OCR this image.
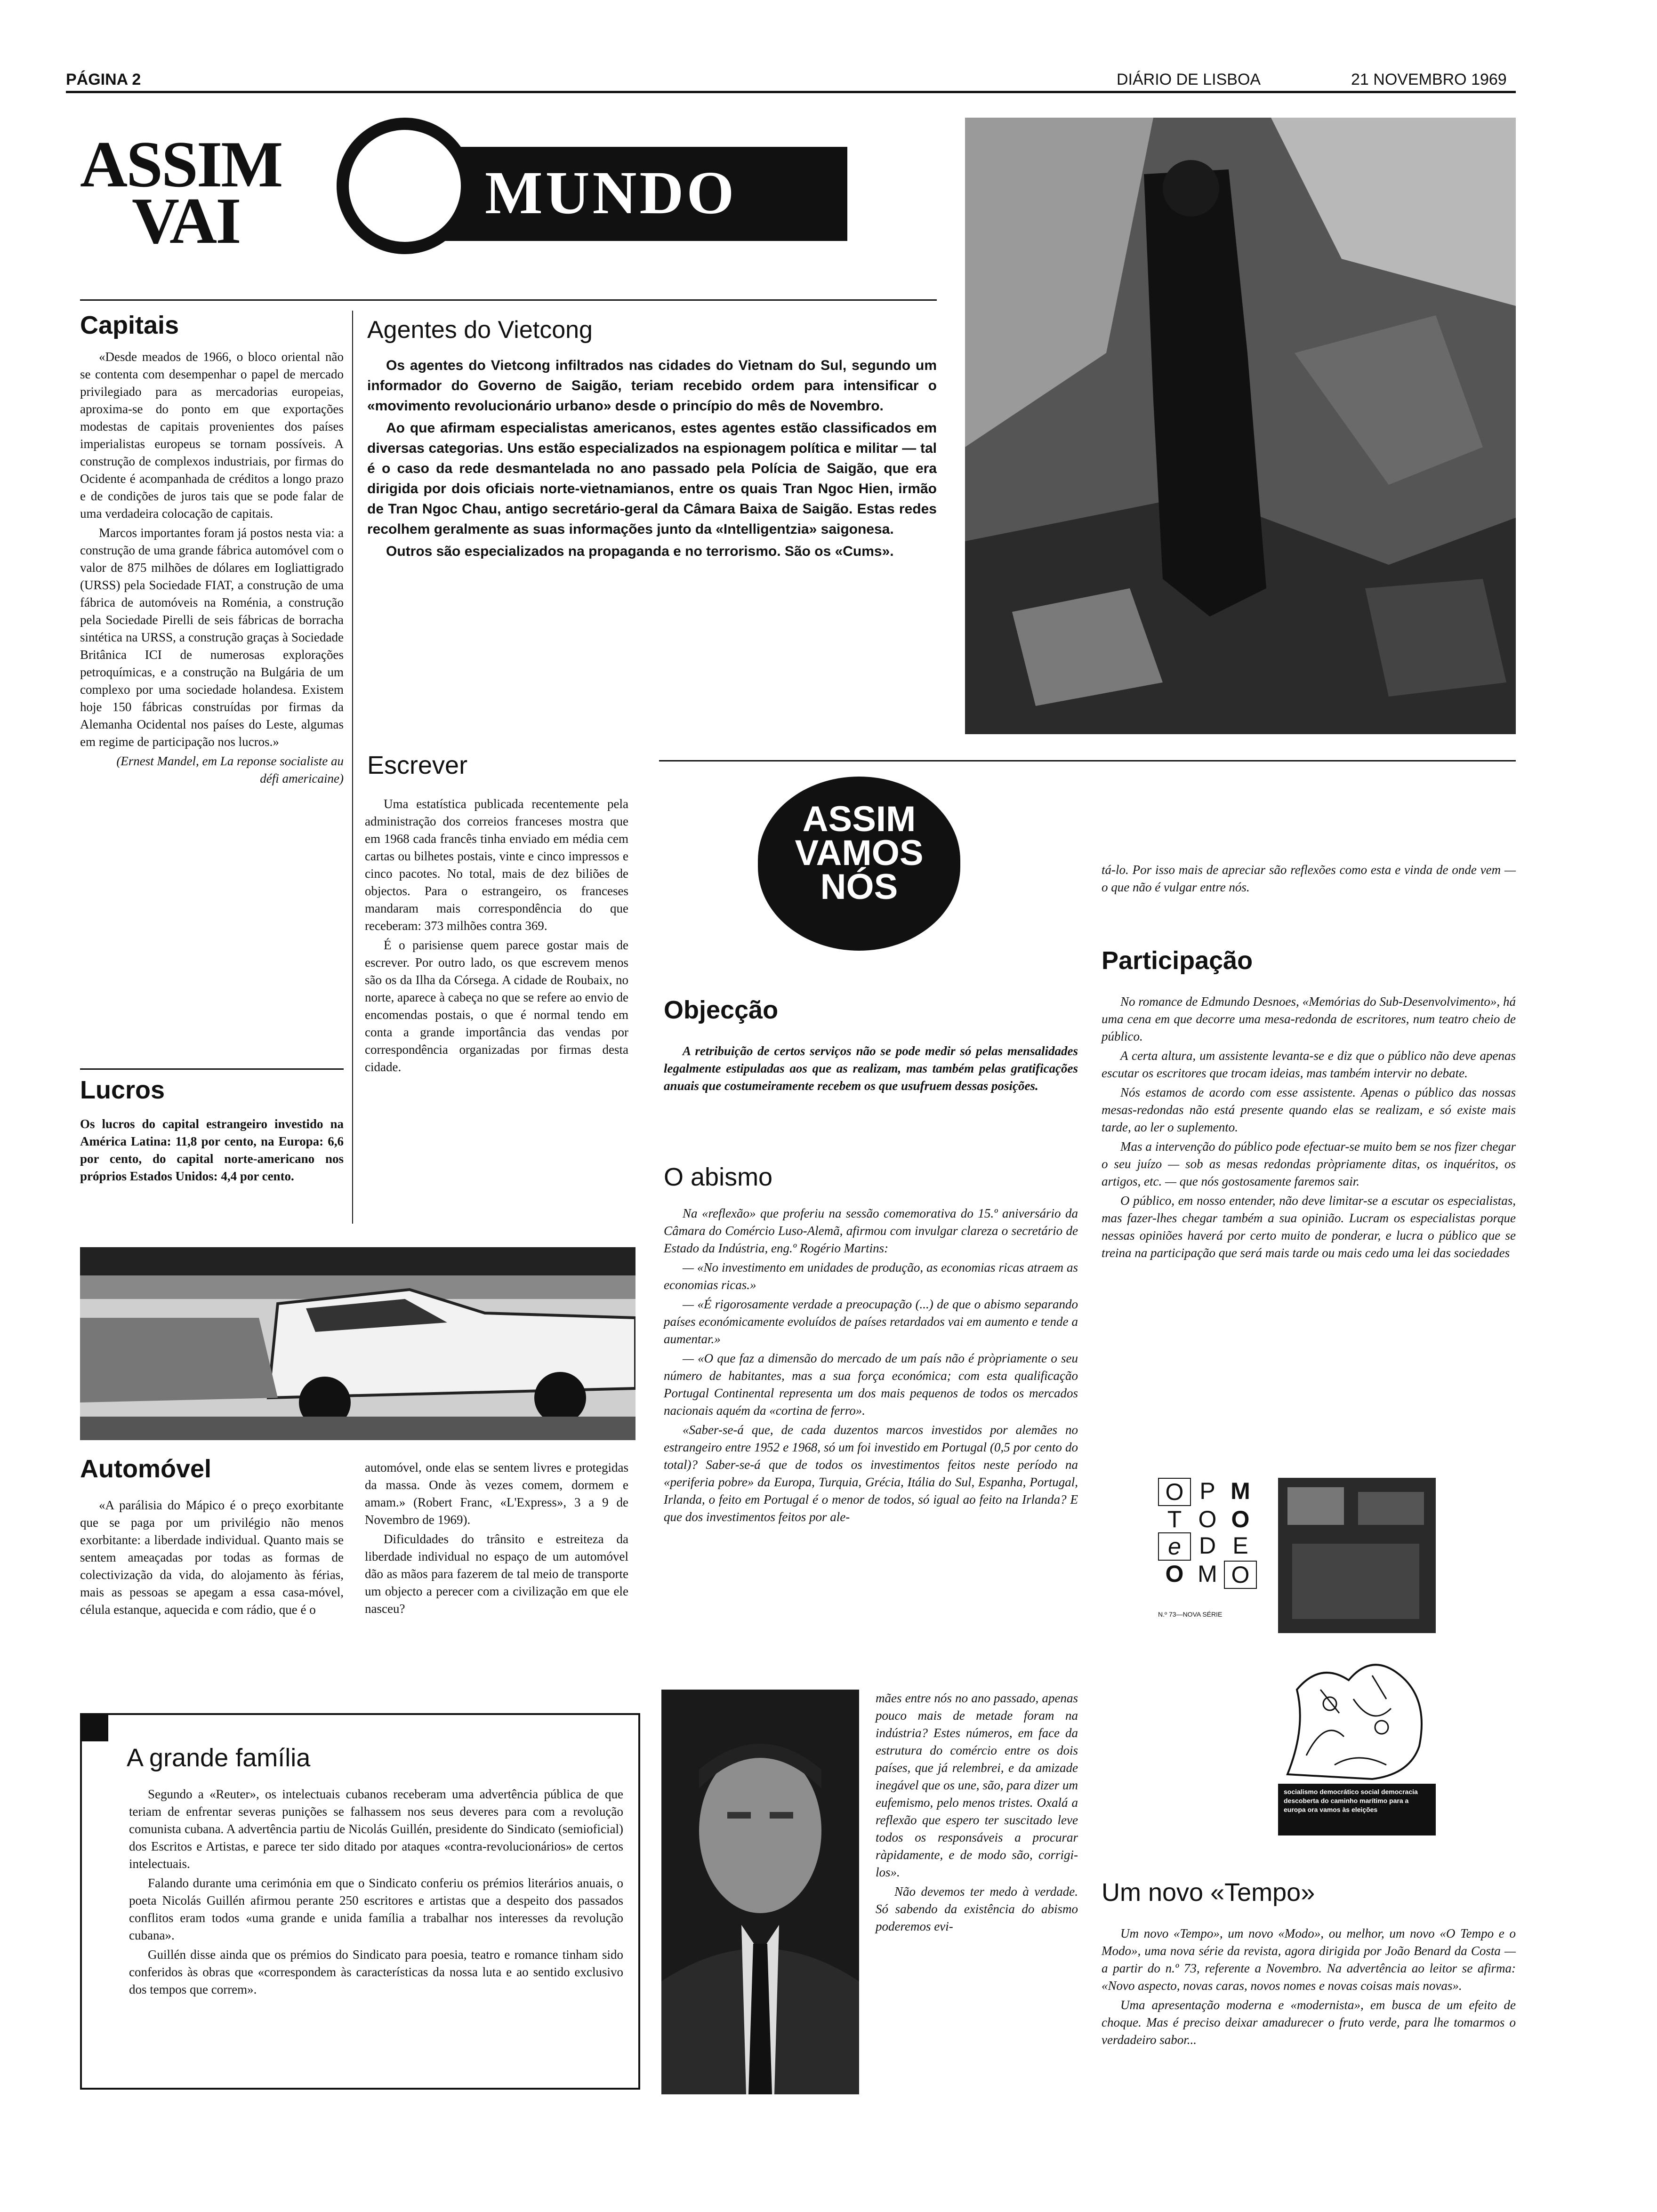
PÁGINA 2	DIÁRIO DE LISBOA	21 NOVEMBRO 1969
ASSIM
VAI	MUNDO
Capitais

«Desde meados de 1966, o bloco oriental não se contenta com desempenhar o papel de mercado privilegiado para as mercadorias europeias, aproxima-se do ponto em que exportações modestas de capitais provenientes dos países imperialistas europeus se tornam possíveis. A construção de complexos industriais, por firmas do Ocidente é acompanhada de créditos a longo prazo e de condições de juros tais que se pode falar de uma verdadeira colocação de capitais.

Marcos importantes foram já postos nesta via: a construção de uma grande fábrica automóvel com o valor de 875 milhões de dólares em Iogliattigrado (URSS) pela Sociedade FIAT, a construção de uma fábrica de automóveis na Roménia, a construção pela Sociedade Pirelli de seis fábricas de borracha sintética na URSS, a construção graças à Sociedade Britânica ICI de numerosas explorações petroquímicas, e a construção na Bulgária de um complexo por uma sociedade holandesa. Existem hoje 150 fábricas construídas por firmas da Alemanha Ocidental nos países do Leste, algumas em regime de participação nos lucros.»

(Ernest Mandel, em La reponse socialiste au défi americaine)

Lucros
Os lucros do capital estrangeiro investido na América Latina: 11,8 por cento, na Europa: 6,6 por cento, do capital norte-americano nos próprios Estados Unidos: 4,4 por cento.
Agentes do Vietcong

Os agentes do Vietcong infiltrados nas cidades do Vietnam do Sul, segundo um informador do Governo de Saigão, teriam recebido ordem para intensificar o «movimento revolucionário urbano» desde o princípio do mês de Novembro.

Ao que afirmam especialistas americanos, estes agentes estão classificados em diversas categorias. Uns estão especializados na espionagem política e militar — tal é o caso da rede desmantelada no ano passado pela Polícia de Saigão, que era dirigida por dois oficiais norte-vietnamianos, entre os quais Tran Ngoc Hien, irmão de Tran Ngoc Chau, antigo secretário-geral da Câmara Baixa de Saigão. Estas redes recolhem geralmente as suas informações junto da «Intelligentzia» saigonesa.

Outros são especializados na propaganda e no terrorismo. São os «Cums».

Escrever

Uma estatística publicada recentemente pela administração dos correios franceses mostra que em 1968 cada francês tinha enviado em média cem cartas ou bilhetes postais, vinte e cinco impressos e cinco pacotes. No total, mais de dez biliões de objectos. Para o estrangeiro, os franceses mandaram mais correspondência do que receberam: 373 milhões contra 369.

É o parisiense quem parece gostar mais de escrever. Por outro lado, os que escrevem menos são os da Ilha da Córsega. A cidade de Roubaix, no norte, aparece à cabeça no que se refere ao envio de encomendas postais, o que é normal tendo em conta a grande importância das vendas por correspondência organizadas por firmas desta cidade.

ASSIM
VAMOS
NÓS
Objecção
A retribuição de certos serviços não se pode medir só pelas mensalidades legalmente estipuladas aos que as realizam, mas também pelas gratificações anuais que costumeiramente recebem os que usufruem dessas posições.
O abismo

Na «reflexão» que proferiu na sessão comemorativa do 15.º aniversário da Câmara do Comércio Luso-Alemã, afirmou com invulgar clareza o secretário de Estado da Indústria, eng.º Rogério Martins:

— «No investimento em unidades de produção, as economias ricas atraem as economias ricas.»

— «É rigorosamente verdade a preocupação (...) de que o abismo separando países económicamente evoluídos de países retardados vai em aumento e tende a aumentar.»

— «O que faz a dimensão do mercado de um país não é pròpriamente o seu número de habitantes, mas a sua força económica; com esta qualificação Portugal Continental representa um dos mais pequenos de todos os mercados nacionais aquém da «cortina de ferro».

«Saber-se-á que, de cada duzentos marcos investidos por alemães no estrangeiro entre 1952 e 1968, só um foi investido em Portugal (0,5 por cento do total)? Saber-se-á que de todos os investimentos feitos neste período na «periferia pobre» da Europa, Turquia, Grécia, Itália do Sul, Espanha, Portugal, Irlanda, o feito em Portugal é o menor de todos, só igual ao feito na Irlanda? E que dos investimentos feitos por ale-

mães entre nós no ano passado, apenas pouco mais de metade foram na indústria? Estes números, em face da estrutura do comércio entre os dois países, que já relembrei, e da amizade inegável que os une, são, para dizer um eufemismo, pelo menos tristes. Oxalá a reflexão que espero ter suscitado leve todos os responsáveis a procurar ràpidamente, e de modo são, corrigi-los».

Não devemos ter medo à verdade. Só sabendo da existência do abismo poderemos evi-

tá-lo. Por isso mais de apreciar são reflexões como esta e vinda de onde vem — o que não é vulgar entre nós.
Participação

No romance de Edmundo Desnoes, «Memórias do Sub-Desenvolvimento», há uma cena em que decorre uma mesa-redonda de escritores, num teatro cheio de público.

A certa altura, um assistente levanta-se e diz que o público não deve apenas escutar os escritores que trocam ideias, mas também intervir no debate.

Nós estamos de acordo com esse assistente. Apenas o público das nossas mesas-redondas não está presente quando elas se realizam, e só existe mais tarde, ao ler o suplemento.

Mas a intervenção do público pode efectuar-se muito bem se nos fizer chegar o seu juízo — sob as mesas redondas pròpriamente ditas, os inquéritos, os artigos, etc. — que nós gostosamente faremos sair.

O público, em nosso entender, não deve limitar-se a escutar os especialistas, mas fazer-lhes chegar também a sua opinião. Lucram os especialistas porque nessas opiniões haverá por certo muito de ponderar, e lucra o público que se treina na participação que será mais tarde ou mais cedo uma lei das sociedades

O P M
T O O
e D E
O M O
N.º 73—NOVA SÉRIE
socialismo democrático social democracia descoberta do caminho marítimo para a europa ora vamos às eleições
Um novo «Tempo»

Um novo «Tempo», um novo «Modo», ou melhor, um novo «O Tempo e o Modo», uma nova série da revista, agora dirigida por João Benard da Costa — a partir do n.º 73, referente a Novembro. Na advertência ao leitor se afirma: «Novo aspecto, novas caras, novos nomes e novas coisas mais novas».

Uma apresentação moderna e «modernista», em busca de um efeito de choque. Mas é preciso deixar amadurecer o fruto verde, para lhe tomarmos o verdadeiro sabor...

Automóvel

«A parálisia do Mápico é o preço exorbitante que se paga por um privilégio não menos exorbitante: a liberdade individual. Quanto mais se sentem ameaçadas por todas as formas de colectivização da vida, do alojamento às férias, mais as pessoas se apegam a essa casa-móvel, célula estanque, aquecida e com rádio, que é o

automóvel, onde elas se sentem livres e protegidas da massa. Onde às vezes comem, dormem e amam.» (Robert Franc, «L'Express», 3 a 9 de Novembro de 1969).

Dificuldades do trânsito e estreiteza da liberdade individual no espaço de um automóvel dão as mãos para fazerem de tal meio de transporte um objecto a perecer com a civilização em que ele nasceu?

A grande família

Segundo a «Reuter», os intelectuais cubanos receberam uma advertência pública de que teriam de enfrentar severas punições se falhassem nos seus deveres para com a revolução comunista cubana. A advertência partiu de Nicolás Guillén, presidente do Sindicato (semioficial) dos Escritos e Artistas, e parece ter sido ditado por ataques «contra-revolucionários» de certos intelectuais.

Falando durante uma cerimónia em que o Sindicato conferiu os prémios literários anuais, o poeta Nicolás Guillén afirmou perante 250 escritores e artistas que a despeito dos passados conflitos eram todos «uma grande e unida família a trabalhar nos interesses da revolução cubana».

Guillén disse ainda que os prémios do Sindicato para poesia, teatro e romance tinham sido conferidos às obras que «correspondem às características da nossa luta e ao sentido exclusivo dos tempos que correm».
